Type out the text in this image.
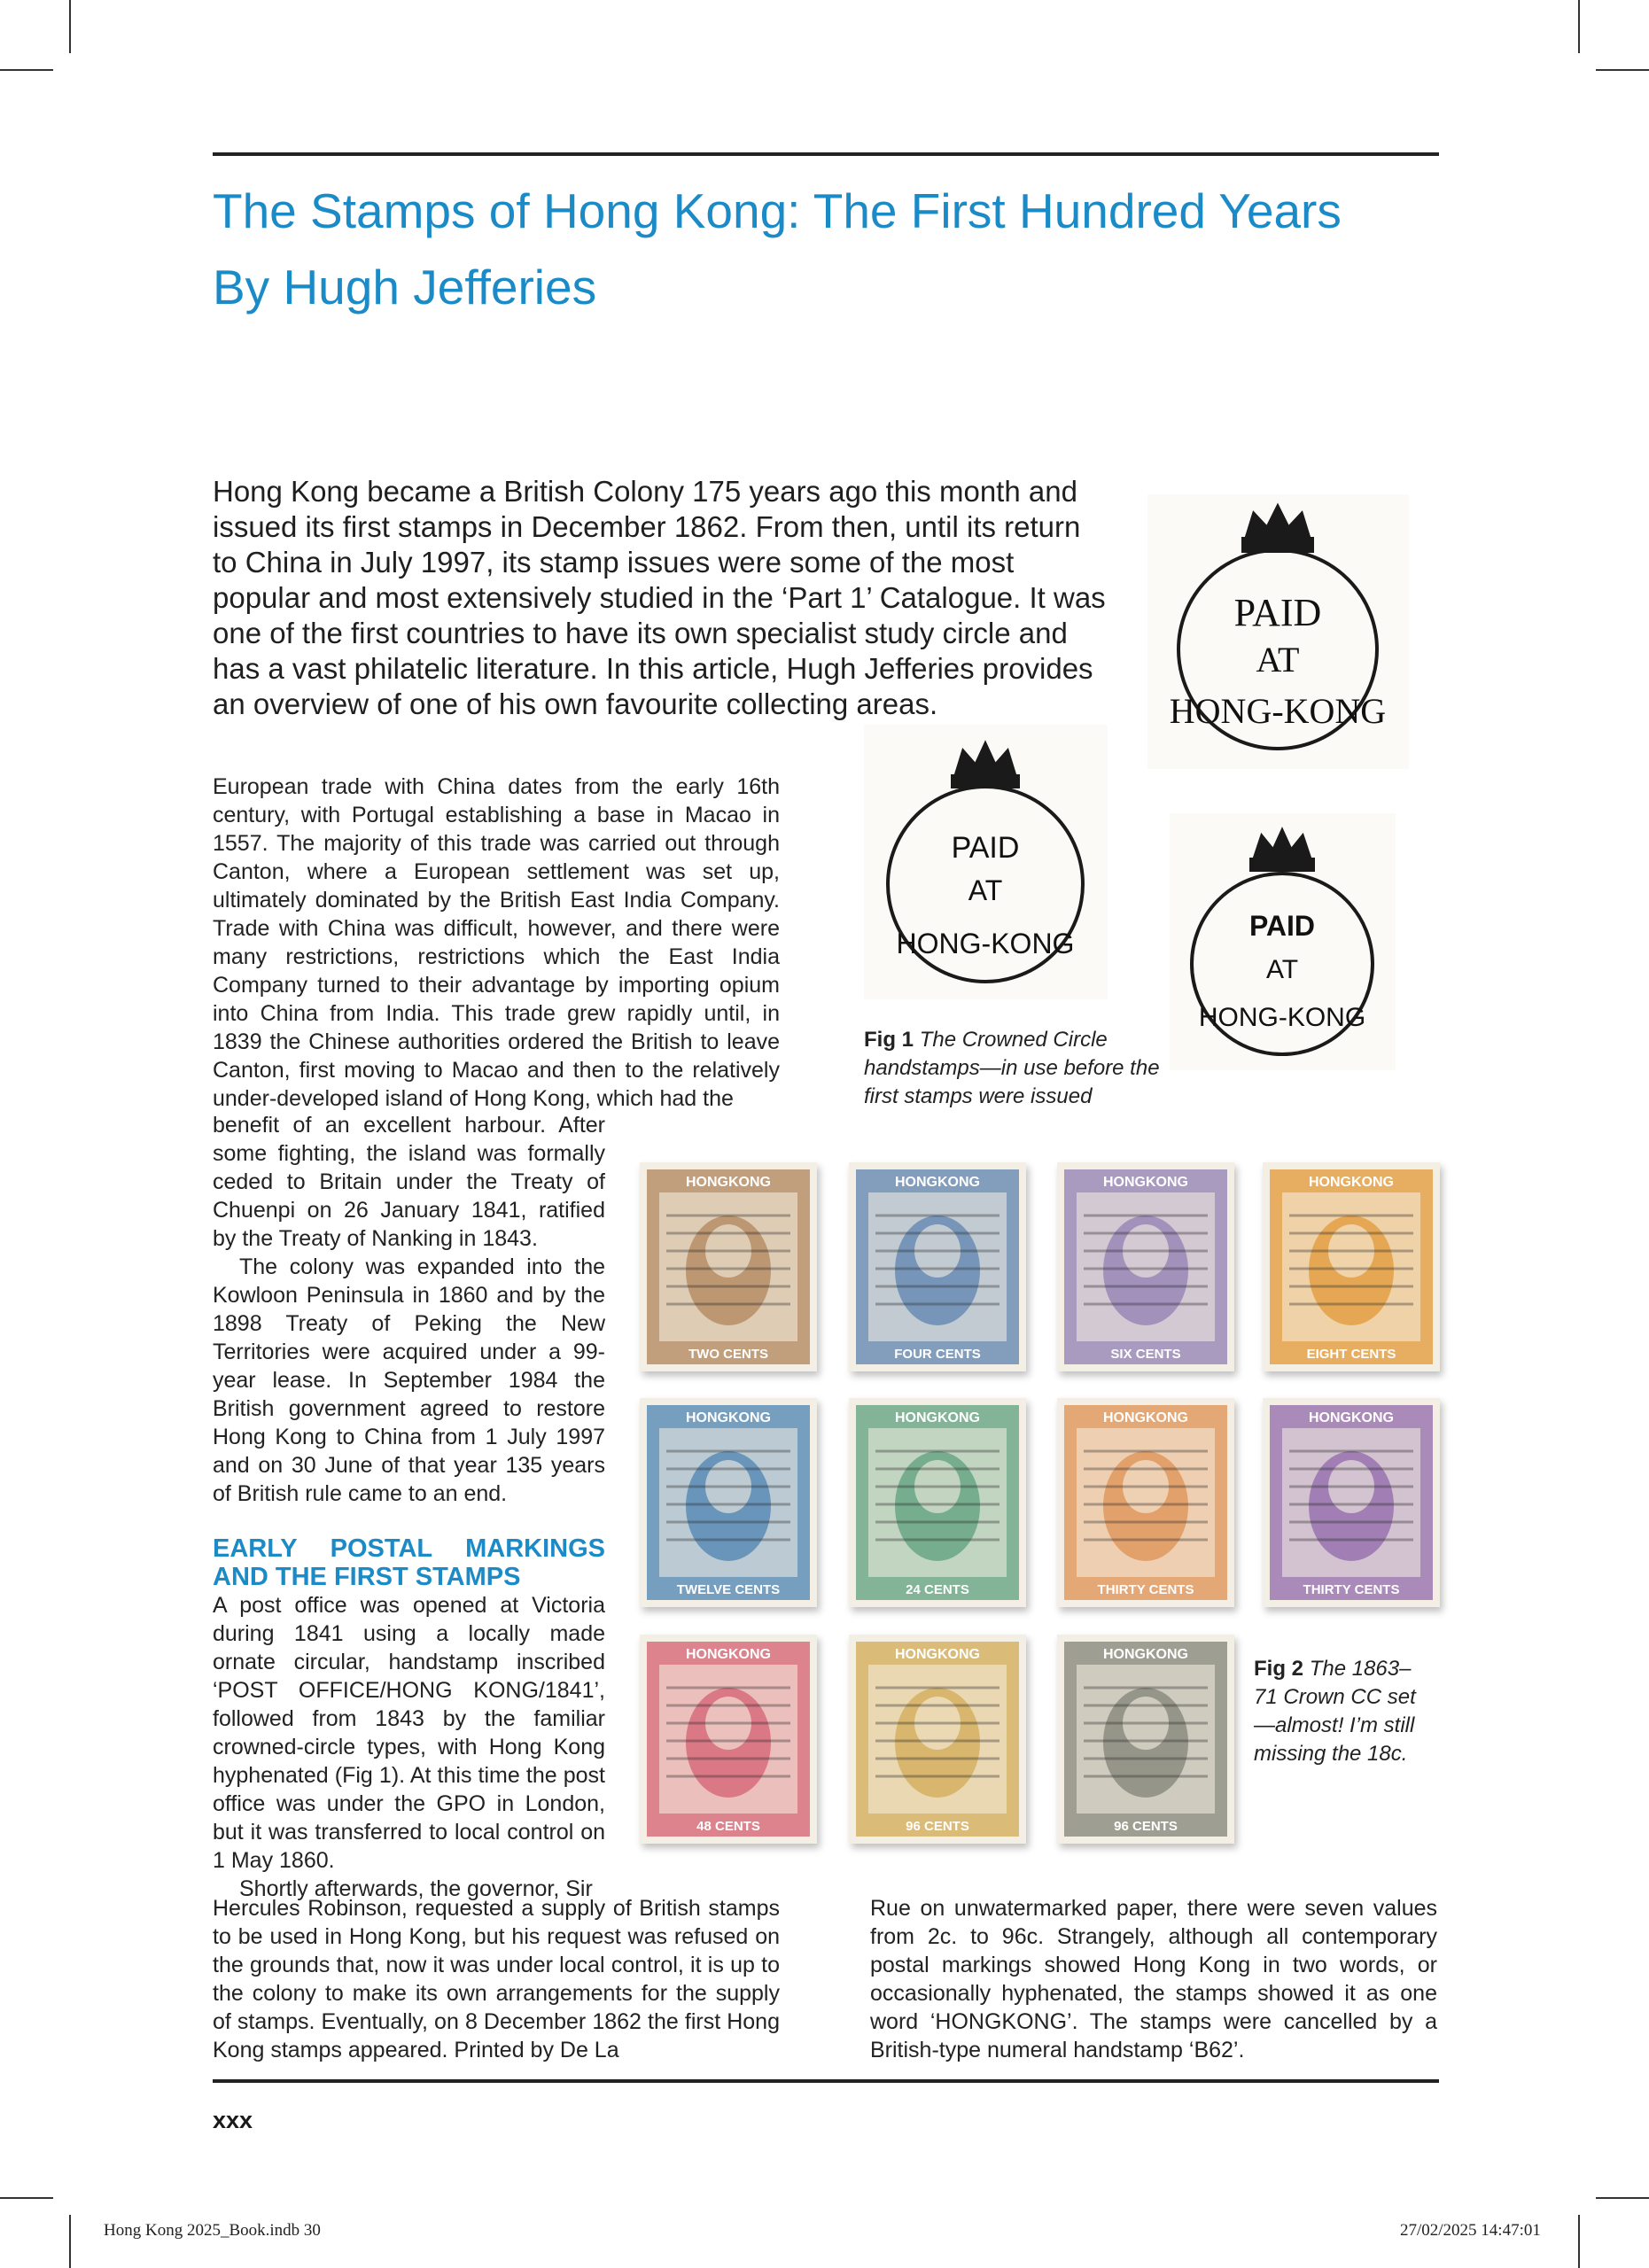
The Stamps of Hong Kong: The First Hundred Years
By Hugh Jefferies
Hong Kong became a British Colony 175 years ago this month and issued its first stamps in December 1862. From then, until its return to China in July 1997, its stamp issues were some of the most popular and most extensively studied in the ‘Part 1’ Catalogue. It was one of the first countries to have its own specialist study circle and has a vast philatelic literature. In this article, Hugh Jefferies provides an overview of one of his own favourite collecting areas.
PAID
AT
HONG-KONG
PAID
AT
HONG-KONG
PAID
AT
HONG-KONG
Fig 1 The Crowned Circle handstamps—in use before the first stamps were issued

European trade with China dates from the early 16th century, with Portugal establishing a base in Macao in 1557. The majority of this trade was carried out through Canton, where a European settlement was set up, ultimately dominated by the British East India Company. Trade with China was difficult, however, and there were many restrictions, restrictions which the East India Company turned to their advantage by importing opium into China from India. This trade grew rapidly until, in 1839 the Chinese authorities ordered the British to leave Canton, first moving to Macao and then to the relatively under-developed island of Hong Kong, which had the

benefit of an excellent harbour. After some fighting, the island was formally ceded to Britain under the Treaty of Chuenpi on 26 January 1841, ratified by the Treaty of Nanking in 1843.

The colony was expanded into the Kowloon Peninsula in 1860 and by the 1898 Treaty of Peking the New Territories were acquired under a 99-year lease. In September 1984 the British government agreed to restore Hong Kong to China from 1 July 1997 and on 30 June of that year 135 years of British rule came to an end.

EARLY POSTAL MARKINGS AND THE FIRST STAMPS

A post office was opened at Victoria during 1841 using a locally made ornate circular, handstamp inscribed ‘POST OFFICE/HONG KONG/1841’, followed from 1843 by the familiar crowned-circle types, with Hong Kong hyphenated (Fig 1). At this time the post office was under the GPO in London, but it was transferred to local control on 1 May 1860.

Shortly afterwards, the governor, Sir

Hercules Robinson, requested a supply of British stamps to be used in Hong Kong, but his request was refused on the grounds that, now it was under local control, it is up to the colony to make its own arrangements for the supply of stamps. Eventually, on 8 December 1862 the first Hong Kong stamps appeared. Printed by De La

Rue on unwatermarked paper, there were seven values from 2c. to 96c. Strangely, although all contemporary postal markings showed Hong Kong in two words, or occasionally hyphenated, the stamps showed it as one word ‘HONGKONG’. The stamps were cancelled by a British-type numeral handstamp ‘B62’.

HONGKONG
TWO CENTS
HONGKONG
FOUR CENTS
HONGKONG
SIX CENTS
HONGKONG
EIGHT CENTS
HONGKONG
TWELVE CENTS
HONGKONG
24 CENTS
HONGKONG
THIRTY CENTS
HONGKONG
THIRTY CENTS
HONGKONG
48 CENTS
HONGKONG
96 CENTS
HONGKONG
96 CENTS
Fig 2 The 1863–71 Crown CC set—almost! I’m still missing the 18c.
xxx
Hong Kong 2025_Book.indb 30	27/02/2025 14:47:01
